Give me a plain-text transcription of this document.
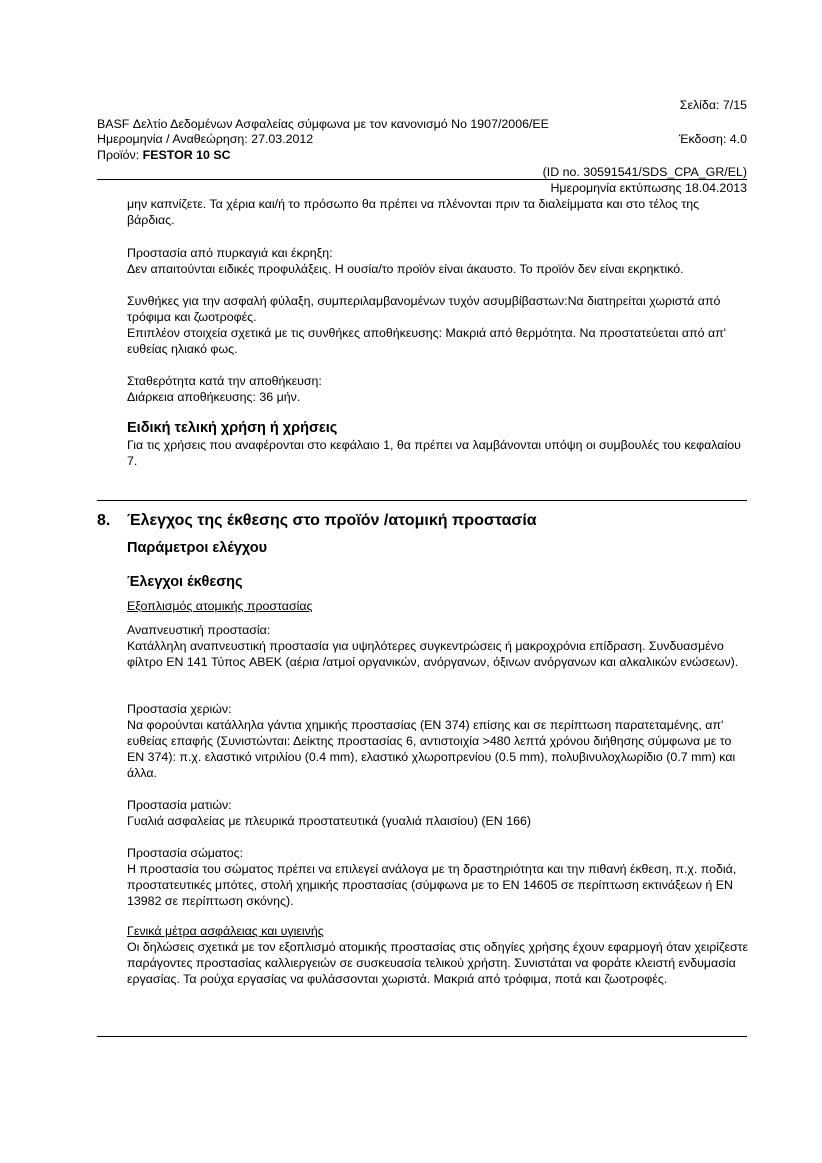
Σελίδα: 7/15
BASF Δελτίο Δεδομένων Ασφαλείας σύμφωνα με τον κανονισμό Νο 1907/2006/ΕΕ
Ημερομηνία / Αναθεώρηση: 27.03.2012	Έκδοση: 4.0
Προϊόν: FESTOR 10 SC
(ID no. 30591541/SDS_CPA_GR/EL)
Ημερομηνία εκτύπωσης 18.04.2013

μην καπνίζετε. Τα χέρια και/ή το πρόσωπο θα πρέπει να πλένονται πριν τα διαλείμματα και στο τέλος της βάρδιας.

Προστασία από πυρκαγιά και έκρηξη:

Δεν απαιτούνται ειδικές προφυλάξεις. Η ουσία/το προϊόν είναι άκαυστο. Το προϊόν δεν είναι εκρηκτικό.

Συνθήκες για την ασφαλή φύλαξη, συμπεριλαμβανομένων τυχόν ασυμβίβαστων:Να διατηρείται χωριστά από τρόφιμα και ζωοτροφές.

Επιπλέον στοιχεία σχετικά με τις συνθήκες αποθήκευσης: Μακριά από θερμότητα. Να προστατεύεται από απ' ευθείας ηλιακό φως.

Σταθερότητα κατά την αποθήκευση:

Διάρκεια αποθήκευσης: 36 μήν.

Ειδική τελική χρήση ή χρήσεις

Για τις χρήσεις που αναφέρονται στο κεφάλαιο 1, θα πρέπει να λαμβάνονται υπόψη οι συμβουλές του κεφαλαίου 7.

8. Έλεγχος της έκθεσης στο προϊόν /ατομική προστασία
Παράμετροι ελέγχου
Έλεγχοι έκθεσης
Εξοπλισμός ατομικής προστασίας

Αναπνευστική προστασία:

Κατάλληλη αναπνευστική προστασία για υψηλότερες συγκεντρώσεις ή μακροχρόνια επίδραση. Συνδυασμένο φίλτρο EN 141 Τύπος ABEK (αέρια /ατμοί οργανικών, ανόργανων, όξινων ανόργανων και αλκαλικών ενώσεων).

Προστασία χεριών:

Να φορούνται κατάλληλα γάντια χημικής προστασίας (EN 374) επίσης και σε περίπτωση παρατεταμένης, απ' ευθείας επαφής (Συνιστώνται: Δείκτης προστασίας 6, αντιστοιχία >480 λεπτά χρόνου διήθησης σύμφωνα με το EN 374): π.χ. ελαστικό νιτριλίου (0.4 mm), ελαστικό χλωροπρενίου (0.5 mm), πολυβινυλοχλωρίδιο (0.7 mm) και άλλα.

Προστασία ματιών:

Γυαλιά ασφαλείας με πλευρικά προστατευτικά (γυαλιά πλαισίου) (EN 166)

Προστασία σώματος:

Η προστασία του σώματος πρέπει να επιλεγεί ανάλογα με τη δραστηριότητα και την πιθανή έκθεση, π.χ. ποδιά, προστατευτικές μπότες, στολή χημικής προστασίας (σύμφωνα με το EN 14605 σε περίπτωση εκτινάξεων ή EN 13982 σε περίπτωση σκόνης).

Γενικά μέτρα ασφάλειας και υγιεινής

Οι δηλώσεις σχετικά με τον εξοπλισμό ατομικής προστασίας στις οδηγίες χρήσης έχουν εφαρμογή όταν χειρίζεστε παράγοντες προστασίας καλλιεργειών σε συσκευασία τελικού χρήστη. Συνιστάται να φοράτε κλειστή ενδυμασία εργασίας. Τα ρούχα εργασίας να φυλάσσονται χωριστά. Μακριά από τρόφιμα, ποτά και ζωοτροφές.
